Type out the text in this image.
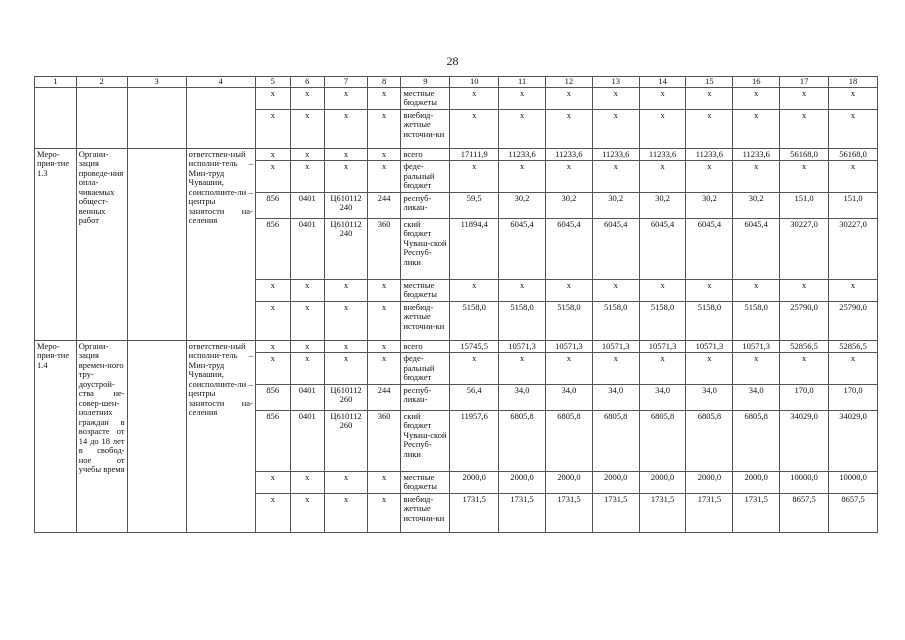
28
1	2	3	4	5	6	7	8	9	10	11	12	13	14	15	16	17	18
				х	х	х	х	местные бюджеты	х	х	х	х	х	х	х	х	х
				х	х	х	х	внебюд-жетные источни-ки	х	х	х	х	х	х	х	х	х
Меро-прия-тие 1.3	Органи-зация проведе-ния опла-чиваемых общест-венных работ		ответствен-ный исполни-тель – Мин-труд Чувашии, соисполните-ли – центры занятости на-селения	х	х	х	х	всего	17111,9	11233,6	11233,6	11233,6	11233,6	11233,6	11233,6	56168,0	56168,0
				х	х	х	х	феде-ральный бюджет	х	х	х	х	х	х	х	х	х
				856	0401	Ц610112 240	244	респуб-ликан-	59,5	30,2	30,2	30,2	30,2	30,2	30,2	151,0	151,0
				856	0401	Ц610112 240	360	ский бюджет Чуваш-ской Респуб-лики	11894,4	6045,4	6045,4	6045,4	6045,4	6045,4	6045,4	30227,0	30227,0
				х	х	х	х	местные бюджеты	х	х	х	х	х	х	х	х	х
				х	х	х	х	внебюд-жетные источни-ки	5158,0	5158,0	5158,0	5158,0	5158,0	5158,0	5158,0	25790,0	25790,0
Меро-прия-тие 1.4	Органи-зация времен-ного тру-доустрой-ства не-совер-шен-нолетних граждан в возрасте от 14 до 18 лет в свобод-ное от учебы время		ответствен-ный исполни-тель – Мин-труд Чувашии, соисполните-ли – центры занятости на-селения	х	х	х	х	всего	15745,5	10571,3	10571,3	10571,3	10571,3	10571,3	10571,3	52856,5	52856,5
				х	х	х	х	феде-ральный бюджет	х	х	х	х	х	х	х	х	х
				856	0401	Ц610112 260	244	респуб-ликан-	56,4	34,0	34,0	34,0	34,0	34,0	34,0	170,0	170,0
				856	0401	Ц610112 260	360	ский бюджет Чуваш-ской Респуб-лики	11957,6	6805,8	6805,8	6805,8	6805,8	6805,8	6805,8	34029,0	34029,0
				х	х	х	х	местные бюджеты	2000,0	2000,0	2000,0	2000,0	2000,0	2000,0	2000,0	10000,0	10000,0
				х	х	х	х	внебюд-жетные источни-ки	1731,5	1731,5	1731,5	1731,5	1731,5	1731,5	1731,5	8657,5	8657,5
